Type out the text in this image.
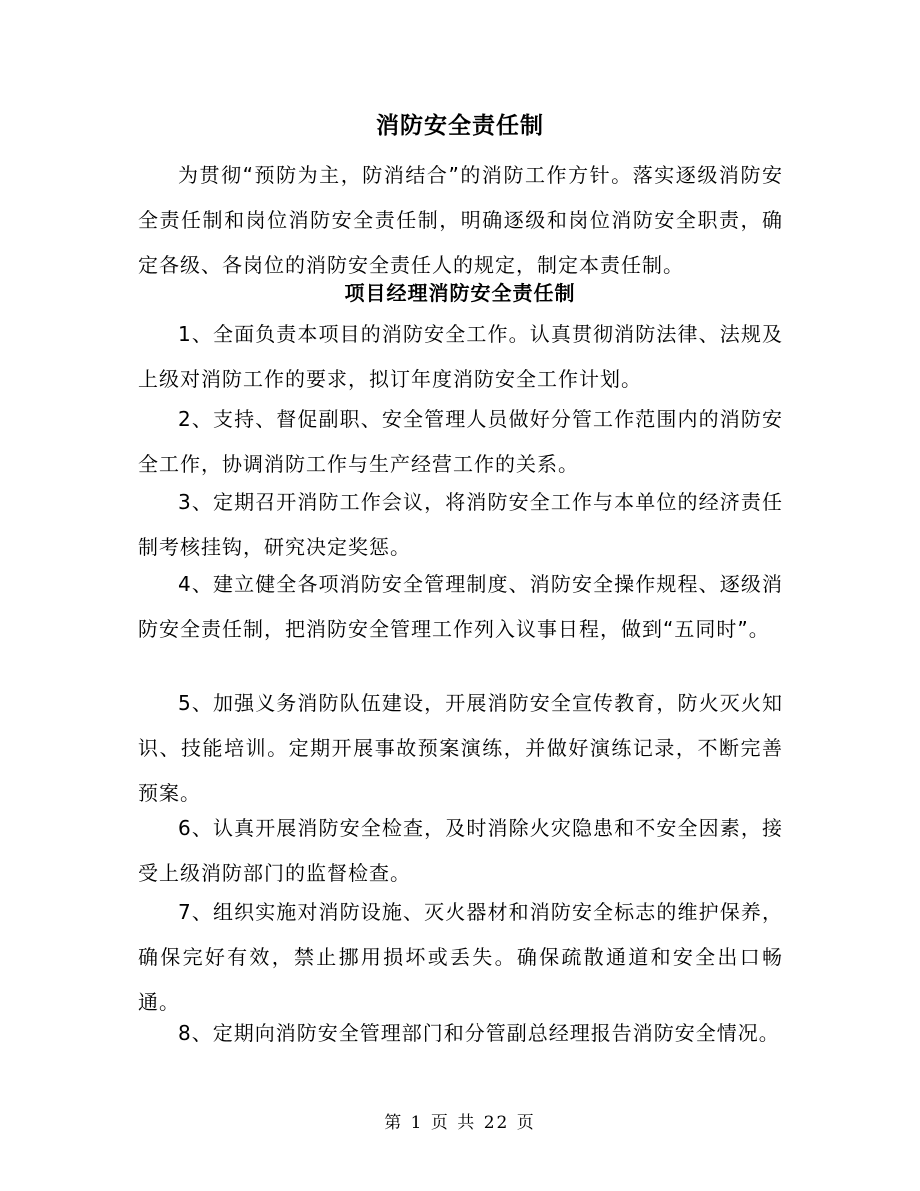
消防安全责任制
为贯彻“预防为主，防消结合”的消防工作方针。落实逐级消防安全责任制和岗位消防安全责任制，明确逐级和岗位消防安全职责，确定各级、各岗位的消防安全责任人的规定，制定本责任制。
项目经理消防安全责任制
1、全面负责本项目的消防安全工作。认真贯彻消防法律、法规及上级对消防工作的要求，拟订年度消防安全工作计划。
2、支持、督促副职、安全管理人员做好分管工作范围内的消防安全工作，协调消防工作与生产经营工作的关系。
3、定期召开消防工作会议，将消防安全工作与本单位的经济责任制考核挂钩，研究决定奖惩。
4、建立健全各项消防安全管理制度、消防安全操作规程、逐级消防安全责任制，把消防安全管理工作列入议事日程，做到“五同时”。
5、加强义务消防队伍建设，开展消防安全宣传教育，防火灭火知识、技能培训。定期开展事故预案演练，并做好演练记录，不断完善预案。
6、认真开展消防安全检查，及时消除火灾隐患和不安全因素，接受上级消防部门的监督检查。
7、组织实施对消防设施、灭火器材和消防安全标志的维护保养，确保完好有效，禁止挪用损坏或丢失。确保疏散通道和安全出口畅通。
8、定期向消防安全管理部门和分管副总经理报告消防安全情况。
第 1 页 共 22 页
